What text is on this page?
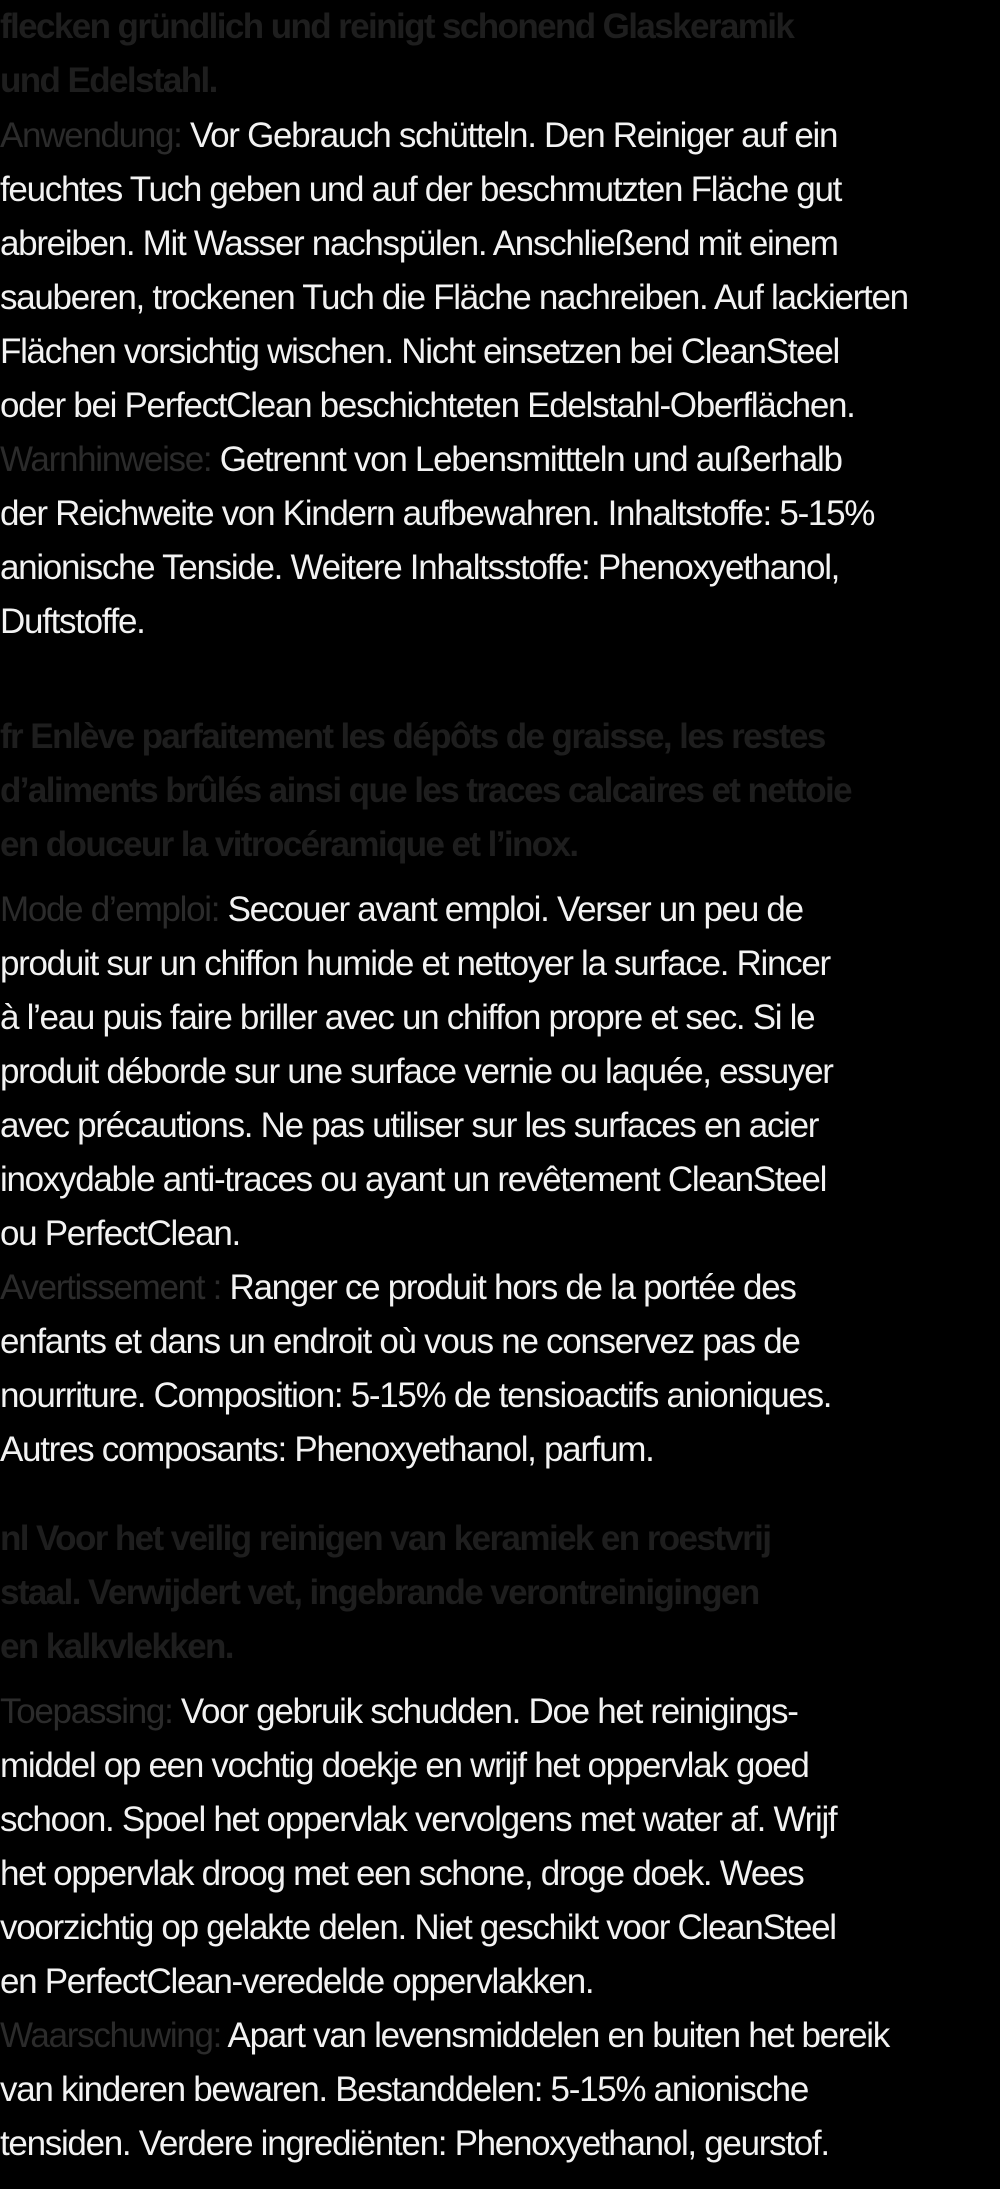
flecken gründlich und reinigt schonend Glaskeramik
und Edelstahl.
Anwendung: Vor Gebrauch schütteln. Den Reiniger auf ein
feuchtes Tuch geben und auf der beschmutzten Fläche gut
abreiben. Mit Wasser nachspülen. Anschließend mit einem
sauberen, trockenen Tuch die Fläche nachreiben. Auf lackierten
Flächen vorsichtig wischen. Nicht einsetzen bei CleanSteel
oder bei PerfectClean beschichteten Edelstahl-Oberflächen.
Warnhinweise: Getrennt von Lebensmittteln und außerhalb
der Reichweite von Kindern aufbewahren. Inhaltstoffe: 5-15%
anionische Tenside. Weitere Inhaltsstoffe: Phenoxyethanol,
Duftstoffe.
fr Enlève parfaitement les dépôts de graisse, les restes
d’aliments brûlés ainsi que les traces calcaires et nettoie
en douceur la vitrocéramique et l’inox.
Mode d’emploi: Secouer avant emploi. Verser un peu de
produit sur un chiffon humide et nettoyer la surface. Rincer
à l’eau puis faire briller avec un chiffon propre et sec. Si le
produit déborde sur une surface vernie ou laquée, essuyer
avec précautions. Ne pas utiliser sur les surfaces en acier
inoxydable anti-traces ou ayant un revêtement CleanSteel
ou PerfectClean.
Avertissement : Ranger ce produit hors de la portée des
enfants et dans un endroit où vous ne conservez pas de
nourriture. Composition: 5-15% de tensioactifs anioniques.
Autres composants: Phenoxyethanol, parfum.
nl Voor het veilig reinigen van keramiek en roestvrij
staal. Verwijdert vet, ingebrande verontreinigingen
en kalkvlekken.
Toepassing: Voor gebruik schudden. Doe het reinigings-
middel op een vochtig doekje en wrijf het oppervlak goed
schoon. Spoel het oppervlak vervolgens met water af. Wrijf
het oppervlak droog met een schone, droge doek. Wees
voorzichtig op gelakte delen. Niet geschikt voor CleanSteel
en PerfectClean-veredelde oppervlakken.
Waarschuwing: Apart van levensmiddelen en buiten het bereik
van kinderen bewaren. Bestanddelen: 5-15% anionische
tensiden. Verdere ingrediënten: Phenoxyethanol, geurstof.
